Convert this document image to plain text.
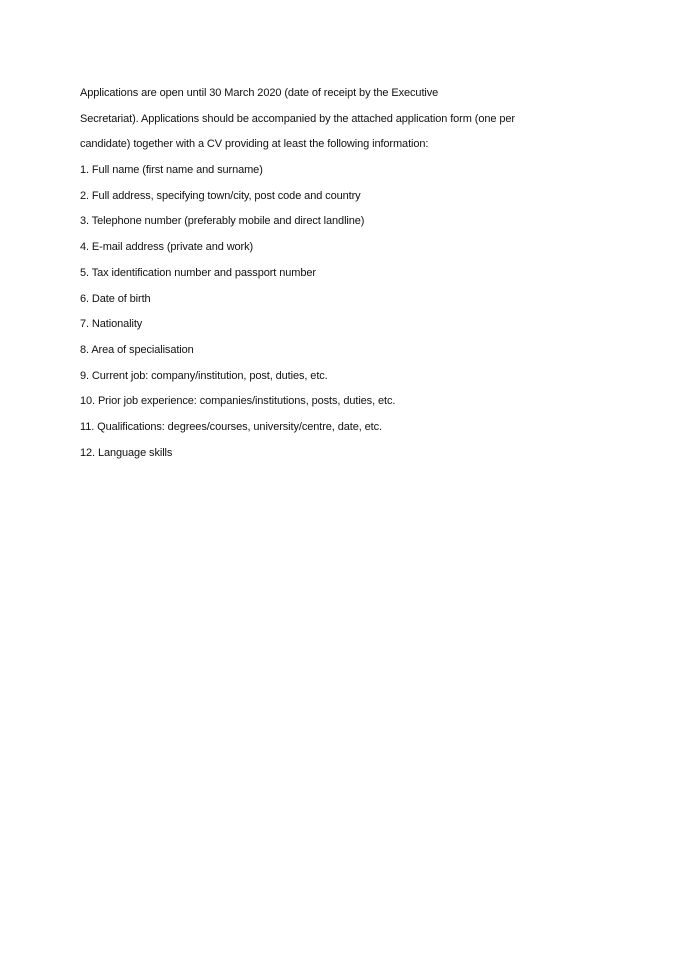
Applications are open until 30 March 2020 (date of receipt by the Executive
Secretariat). Applications should be accompanied by the attached application form (one per
candidate) together with a CV providing at least the following information:
1. Full name (first name and surname)
2. Full address, specifying town/city, post code and country
3. Telephone number (preferably mobile and direct landline)
4. E-mail address (private and work)
5. Tax identification number and passport number
6. Date of birth
7. Nationality
8. Area of specialisation
9. Current job: company/institution, post, duties, etc.
10. Prior job experience: companies/institutions, posts, duties, etc.
11. Qualifications: degrees/courses, university/centre, date, etc.
12. Language skills
